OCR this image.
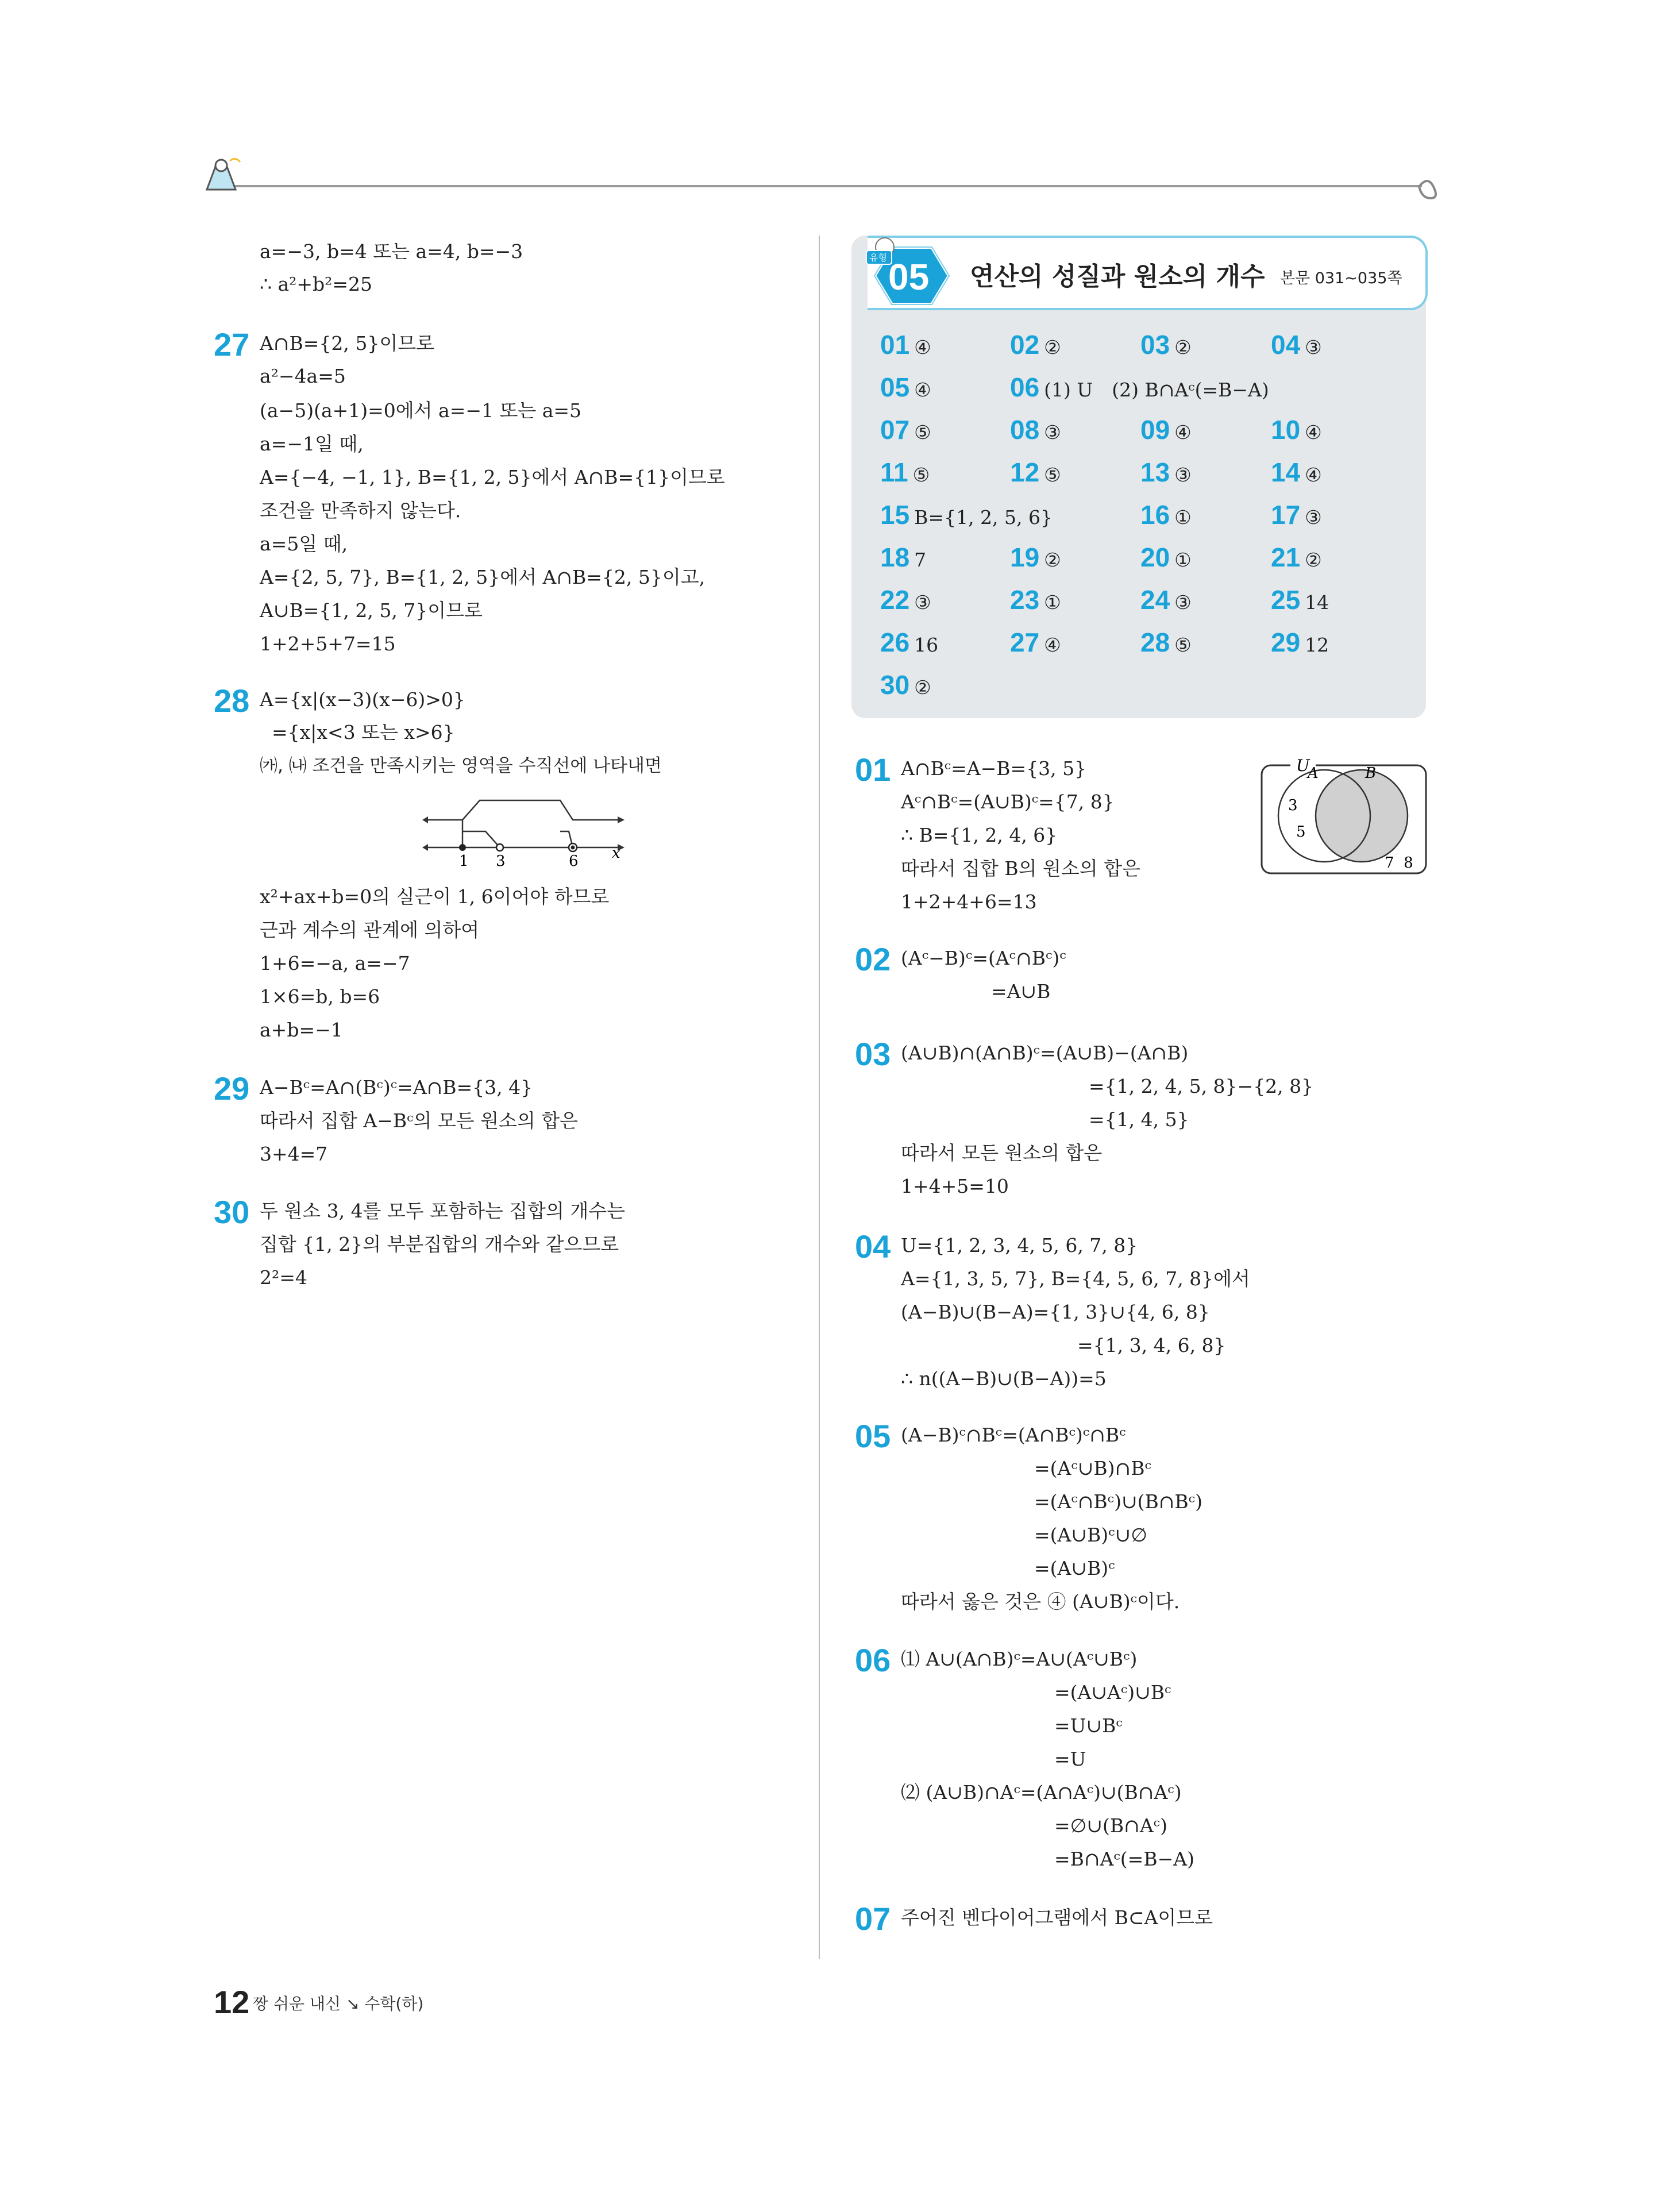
a=−3, b=4 또는 a=4, b=−3
∴ a²+b²=25
27 A∩B={2, 5}이므로
a²−4a=5
(a−5)(a+1)=0에서 a=−1 또는 a=5
a=−1일 때,
A={−4, −1, 1}, B={1, 2, 5}에서 A∩B={1}이므로
조건을 만족하지 않는다.
a=5일 때,
A={2, 5, 7}, B={1, 2, 5}에서 A∩B={2, 5}이고,
A∪B={1, 2, 5, 7}이므로
1+2+5+7=15
28 A={x|(x−3)(x−6)>0}
={x|x<3 또는 x>6}
㈎, ㈏ 조건을 만족시키는 영역을 수직선에 나타내면
1 3	6 x
x²+ax+b=0의 실근이 1, 6이어야 하므로
근과 계수의 관계에 의하여
1+6=−a, a=−7
1×6=b, b=6
a+b=−1
29 A−Bᶜ=A∩(Bᶜ)ᶜ=A∩B={3, 4}
따라서 집합 A−Bᶜ의 모든 원소의 합은
3+4=7
30 두 원소 3, 4를 모두 포함하는 집합의 개수는
집합 {1, 2}의 부분집합의 개수와 같으므로
2²=4
유형 05 연산의 성질과 원소의 개수 본문 031~035쪽
01 ④	02 ②	03 ②	04 ③
05 ④	06 (1) U　(2) B∩Aᶜ(=B−A)
07 ⑤	08 ③	09 ④	10 ④
11 ⑤	12 ⑤	13 ③	14 ④
15 B={1, 2, 5, 6}	16 ①	17 ③
18 7	19 ②	20 ①	21 ②
22 ③	23 ①	24 ③	25 14
26 16	27 ④	28 ⑤	29 12
30 ②
01 A∩Bᶜ=A−B={3, 5}
Aᶜ∩Bᶜ=(A∪B)ᶜ={7, 8}
∴ B={1, 2, 4, 6}
따라서 집합 B의 원소의 합은
1+2+4+6=13
U
A	B
3
5
7  8
02 (Aᶜ−B)ᶜ=(Aᶜ∩Bᶜ)ᶜ
=A∪B
03 (A∪B)∩(A∩B)ᶜ=(A∪B)−(A∩B)
={1, 2, 4, 5, 8}−{2, 8}
={1, 4, 5}
따라서 모든 원소의 합은
1+4+5=10
04 U={1, 2, 3, 4, 5, 6, 7, 8}
A={1, 3, 5, 7}, B={4, 5, 6, 7, 8}에서
(A−B)∪(B−A)={1, 3}∪{4, 6, 8}
={1, 3, 4, 6, 8}
∴ n((A−B)∪(B−A))=5
05 (A−B)ᶜ∩Bᶜ=(A∩Bᶜ)ᶜ∩Bᶜ
=(Aᶜ∪B)∩Bᶜ
=(Aᶜ∩Bᶜ)∪(B∩Bᶜ)
=(A∪B)ᶜ∪∅
=(A∪B)ᶜ
따라서 옳은 것은 ④ (A∪B)ᶜ이다.
06 ⑴ A∪(A∩B)ᶜ=A∪(Aᶜ∪Bᶜ)
=(A∪Aᶜ)∪Bᶜ
=U∪Bᶜ
=U
⑵ (A∪B)∩Aᶜ=(A∩Aᶜ)∪(B∩Aᶜ)
=∅∪(B∩Aᶜ)
=B∩Aᶜ(=B−A)
07 주어진 벤다이어그램에서 B⊂A이므로
12 짱 쉬운 내신 ↘ 수학(하)
